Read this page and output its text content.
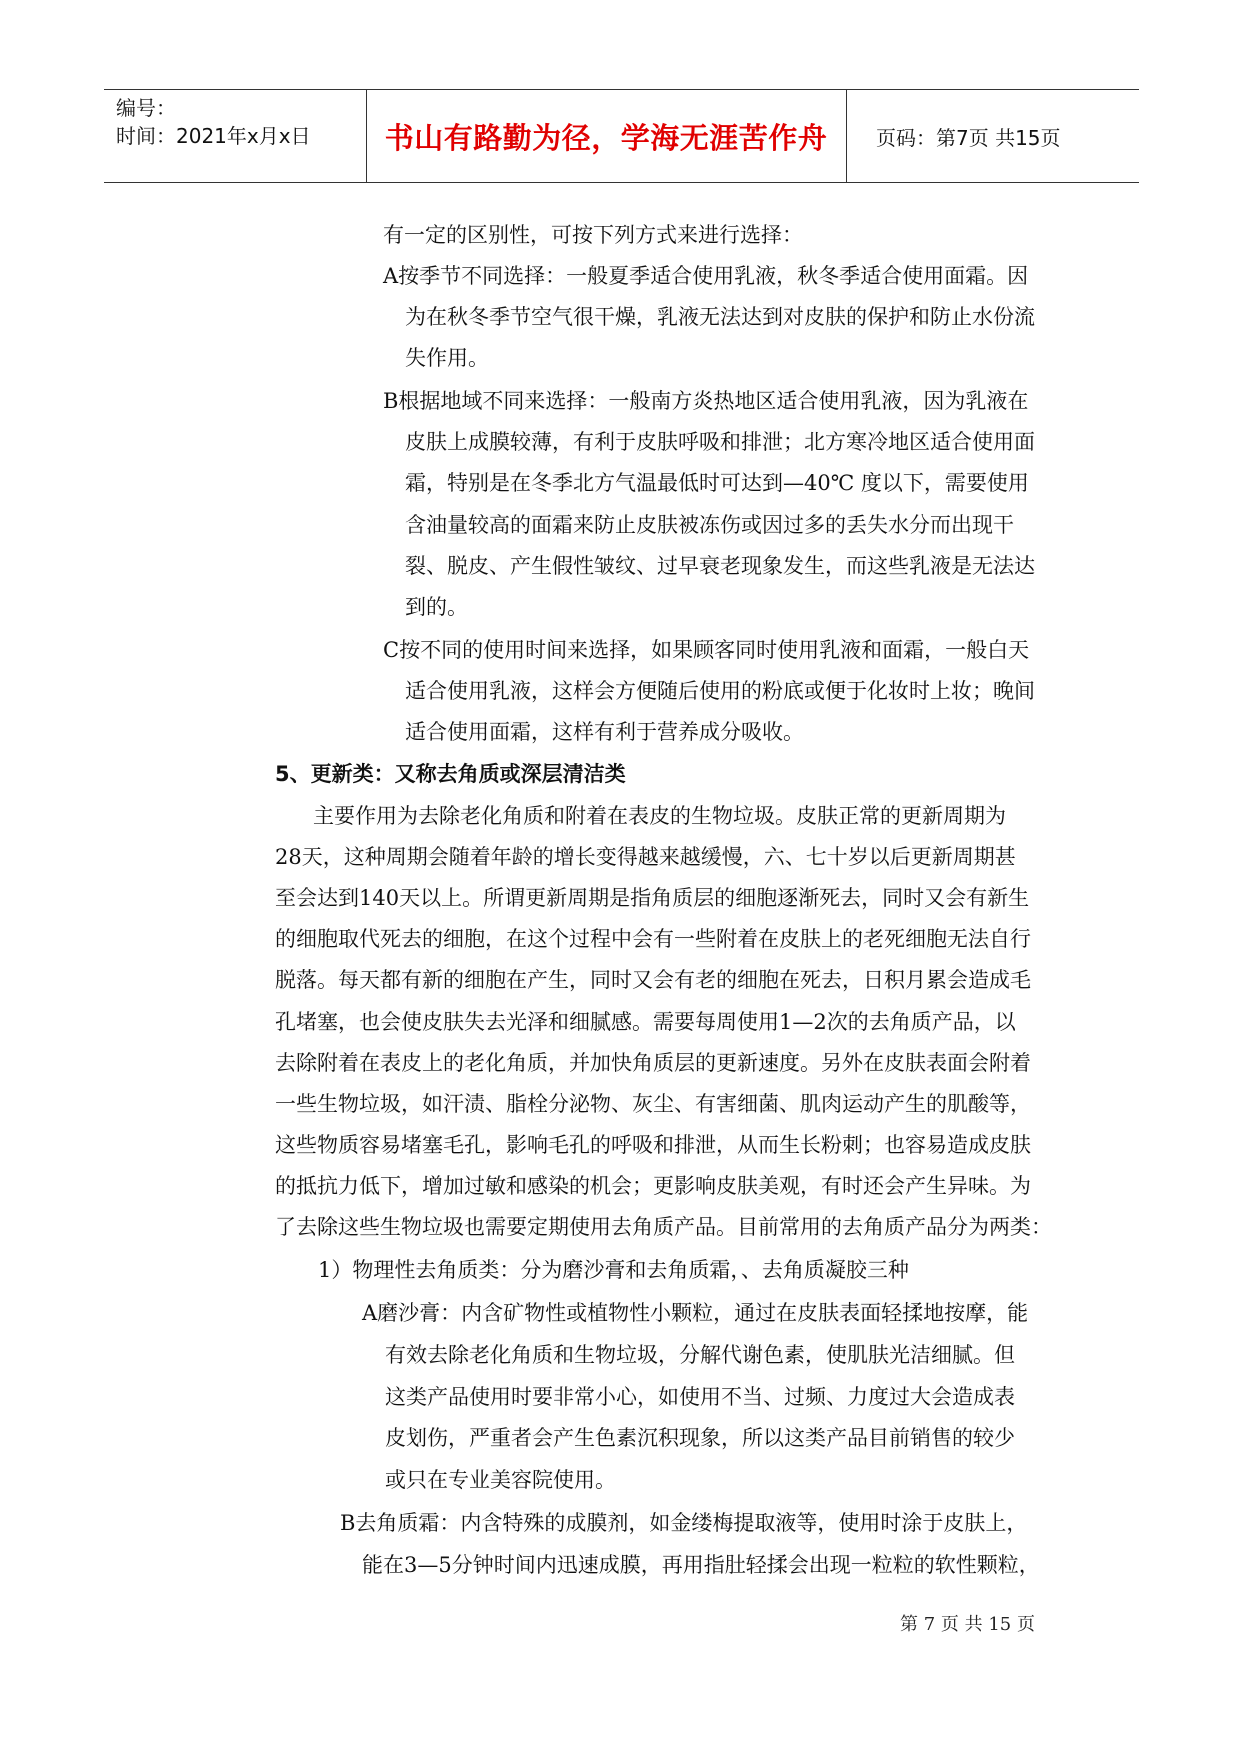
编号：
时间：2021年x月x日	书山有路勤为径，学海无涯苦作舟	页码：第7页 共15页
有一定的区别性，可按下列方式来进行选择：
A按季节不同选择：一般夏季适合使用乳液，秋冬季适合使用面霜。因
为在秋冬季节空气很干燥，乳液无法达到对皮肤的保护和防止水份流
失作用。
B根据地域不同来选择：一般南方炎热地区适合使用乳液，因为乳液在
皮肤上成膜较薄，有利于皮肤呼吸和排泄；北方寒冷地区适合使用面
霜，特别是在冬季北方气温最低时可达到—40℃ 度以下，需要使用
含油量较高的面霜来防止皮肤被冻伤或因过多的丢失水分而出现干
裂、脱皮、产生假性皱纹、过早衰老现象发生，而这些乳液是无法达
到的。
C按不同的使用时间来选择，如果顾客同时使用乳液和面霜，一般白天
适合使用乳液，这样会方便随后使用的粉底或便于化妆时上妆；晚间
适合使用面霜，这样有利于营养成分吸收。
5、更新类：又称去角质或深层清洁类
主要作用为去除老化角质和附着在表皮的生物垃圾。皮肤正常的更新周期为
28天，这种周期会随着年龄的增长变得越来越缓慢，六、七十岁以后更新周期甚
至会达到140天以上。所谓更新周期是指角质层的细胞逐渐死去，同时又会有新生
的细胞取代死去的细胞，在这个过程中会有一些附着在皮肤上的老死细胞无法自行
脱落。每天都有新的细胞在产生，同时又会有老的细胞在死去，日积月累会造成毛
孔堵塞，也会使皮肤失去光泽和细腻感。需要每周使用1—2次的去角质产品，以
去除附着在表皮上的老化角质，并加快角质层的更新速度。另外在皮肤表面会附着
一些生物垃圾，如汗渍、脂栓分泌物、灰尘、有害细菌、肌肉运动产生的肌酸等，
这些物质容易堵塞毛孔，影响毛孔的呼吸和排泄，从而生长粉刺；也容易造成皮肤
的抵抗力低下，增加过敏和感染的机会；更影响皮肤美观，有时还会产生异味。为
了去除这些生物垃圾也需要定期使用去角质产品。目前常用的去角质产品分为两类：
1）物理性去角质类：分为磨沙膏和去角质霜，、去角质凝胶三种
A磨沙膏：内含矿物性或植物性小颗粒，通过在皮肤表面轻揉地按摩，能
有效去除老化角质和生物垃圾，分解代谢色素，使肌肤光洁细腻。但
这类产品使用时要非常小心，如使用不当、过频、力度过大会造成表
皮划伤，严重者会产生色素沉积现象，所以这类产品目前销售的较少
或只在专业美容院使用。
B去角质霜：内含特殊的成膜剂，如金缕梅提取液等，使用时涂于皮肤上，
能在3—5分钟时间内迅速成膜，再用指肚轻揉会出现一粒粒的软性颗粒，
第 7 页 共 15 页
